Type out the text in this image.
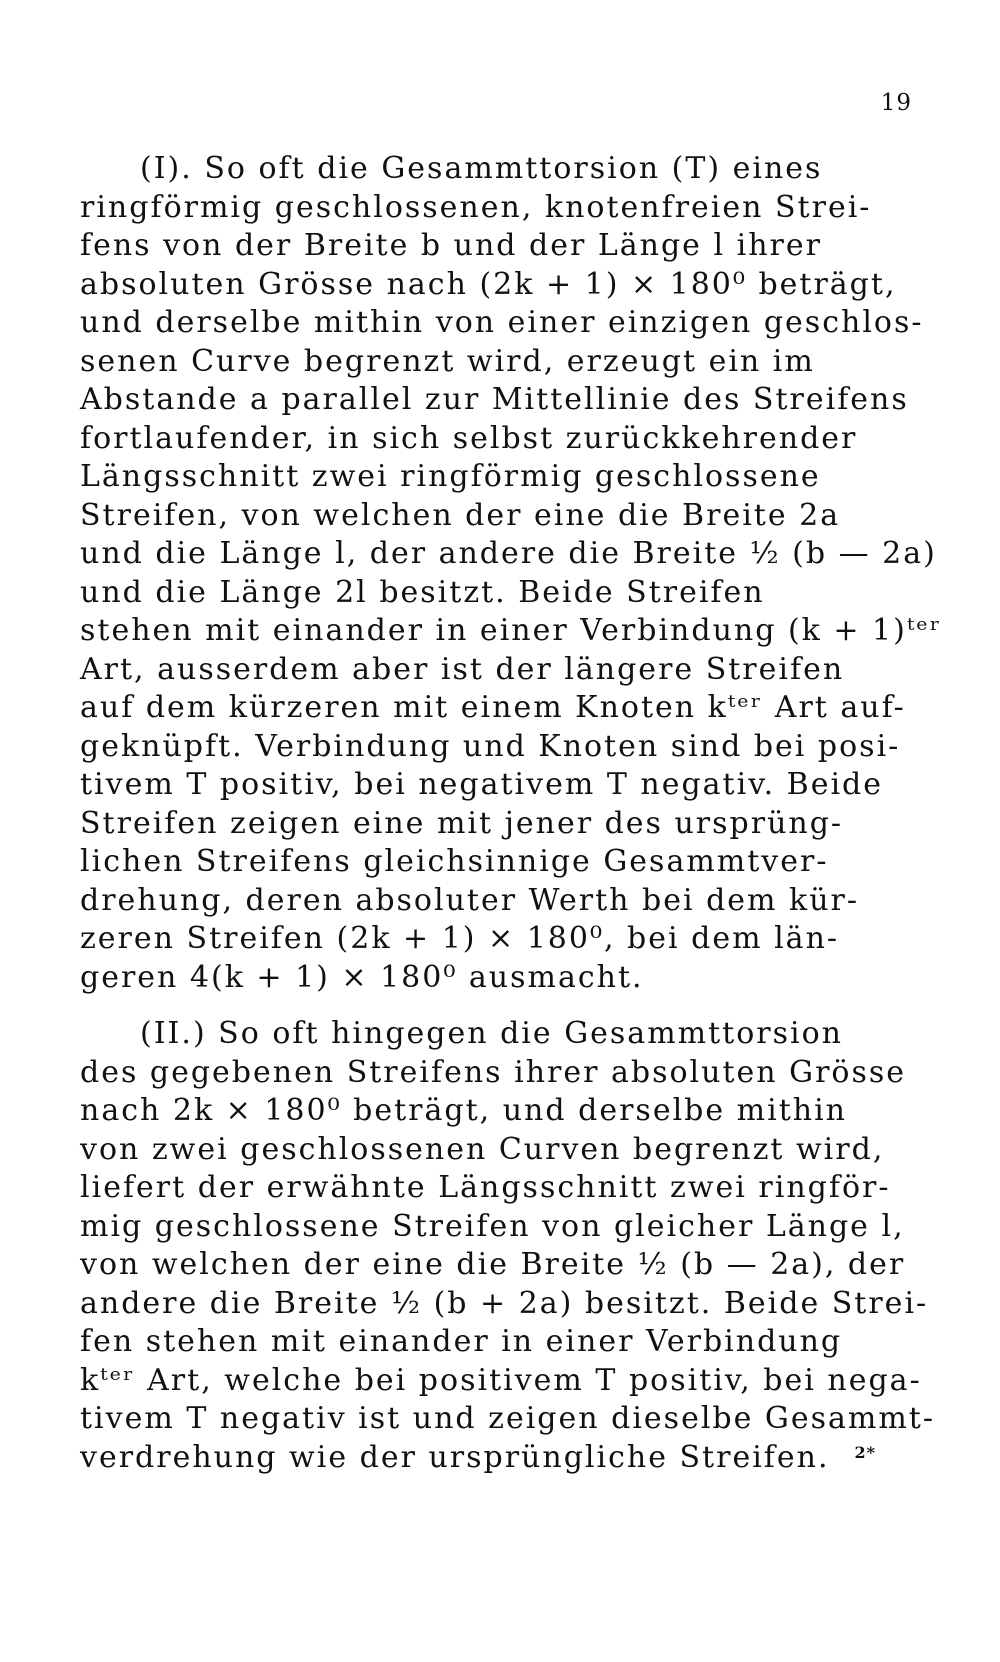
19
(I). So oft die Gesammttorsion (T) eines
ringförmig geschlossenen, knotenfreien Strei-
fens von der Breite b und der Länge l ihrer
absoluten Grösse nach (2k + 1) × 180⁰ beträgt,
und derselbe mithin von einer einzigen geschlos-
senen Curve begrenzt wird, erzeugt ein im
Abstande a parallel zur Mittellinie des Streifens
fortlaufender, in sich selbst zurückkehrender
Längsschnitt zwei ringförmig geschlossene
Streifen, von welchen der eine die Breite 2a
und die Länge l, der andere die Breite ½ (b — 2a)
und die Länge 2l besitzt. Beide Streifen
stehen mit einander in einer Verbindung (k + 1)ᵗᵉʳ
Art, ausserdem aber ist der längere Streifen
auf dem kürzeren mit einem Knoten kᵗᵉʳ Art auf-
geknüpft. Verbindung und Knoten sind bei posi-
tivem T positiv, bei negativem T negativ. Beide
Streifen zeigen eine mit jener des ursprüng-
lichen Streifens gleichsinnige Gesammtver-
drehung, deren absoluter Werth bei dem kür-
zeren Streifen (2k + 1) × 180⁰, bei dem län-
geren 4(k + 1) × 180⁰ ausmacht.
(II.) So oft hingegen die Gesammttorsion
des gegebenen Streifens ihrer absoluten Grösse
nach 2k × 180⁰ beträgt, und derselbe mithin
von zwei geschlossenen Curven begrenzt wird,
liefert der erwähnte Längsschnitt zwei ringför-
mig geschlossene Streifen von gleicher Länge l,
von welchen der eine die Breite ½ (b — 2a), der
andere die Breite ½ (b + 2a) besitzt. Beide Strei-
fen stehen mit einander in einer Verbindung
kᵗᵉʳ Art, welche bei positivem T positiv, bei nega-
tivem T negativ ist und zeigen dieselbe Gesammt-
verdrehung wie der ursprüngliche Streifen.	2*
